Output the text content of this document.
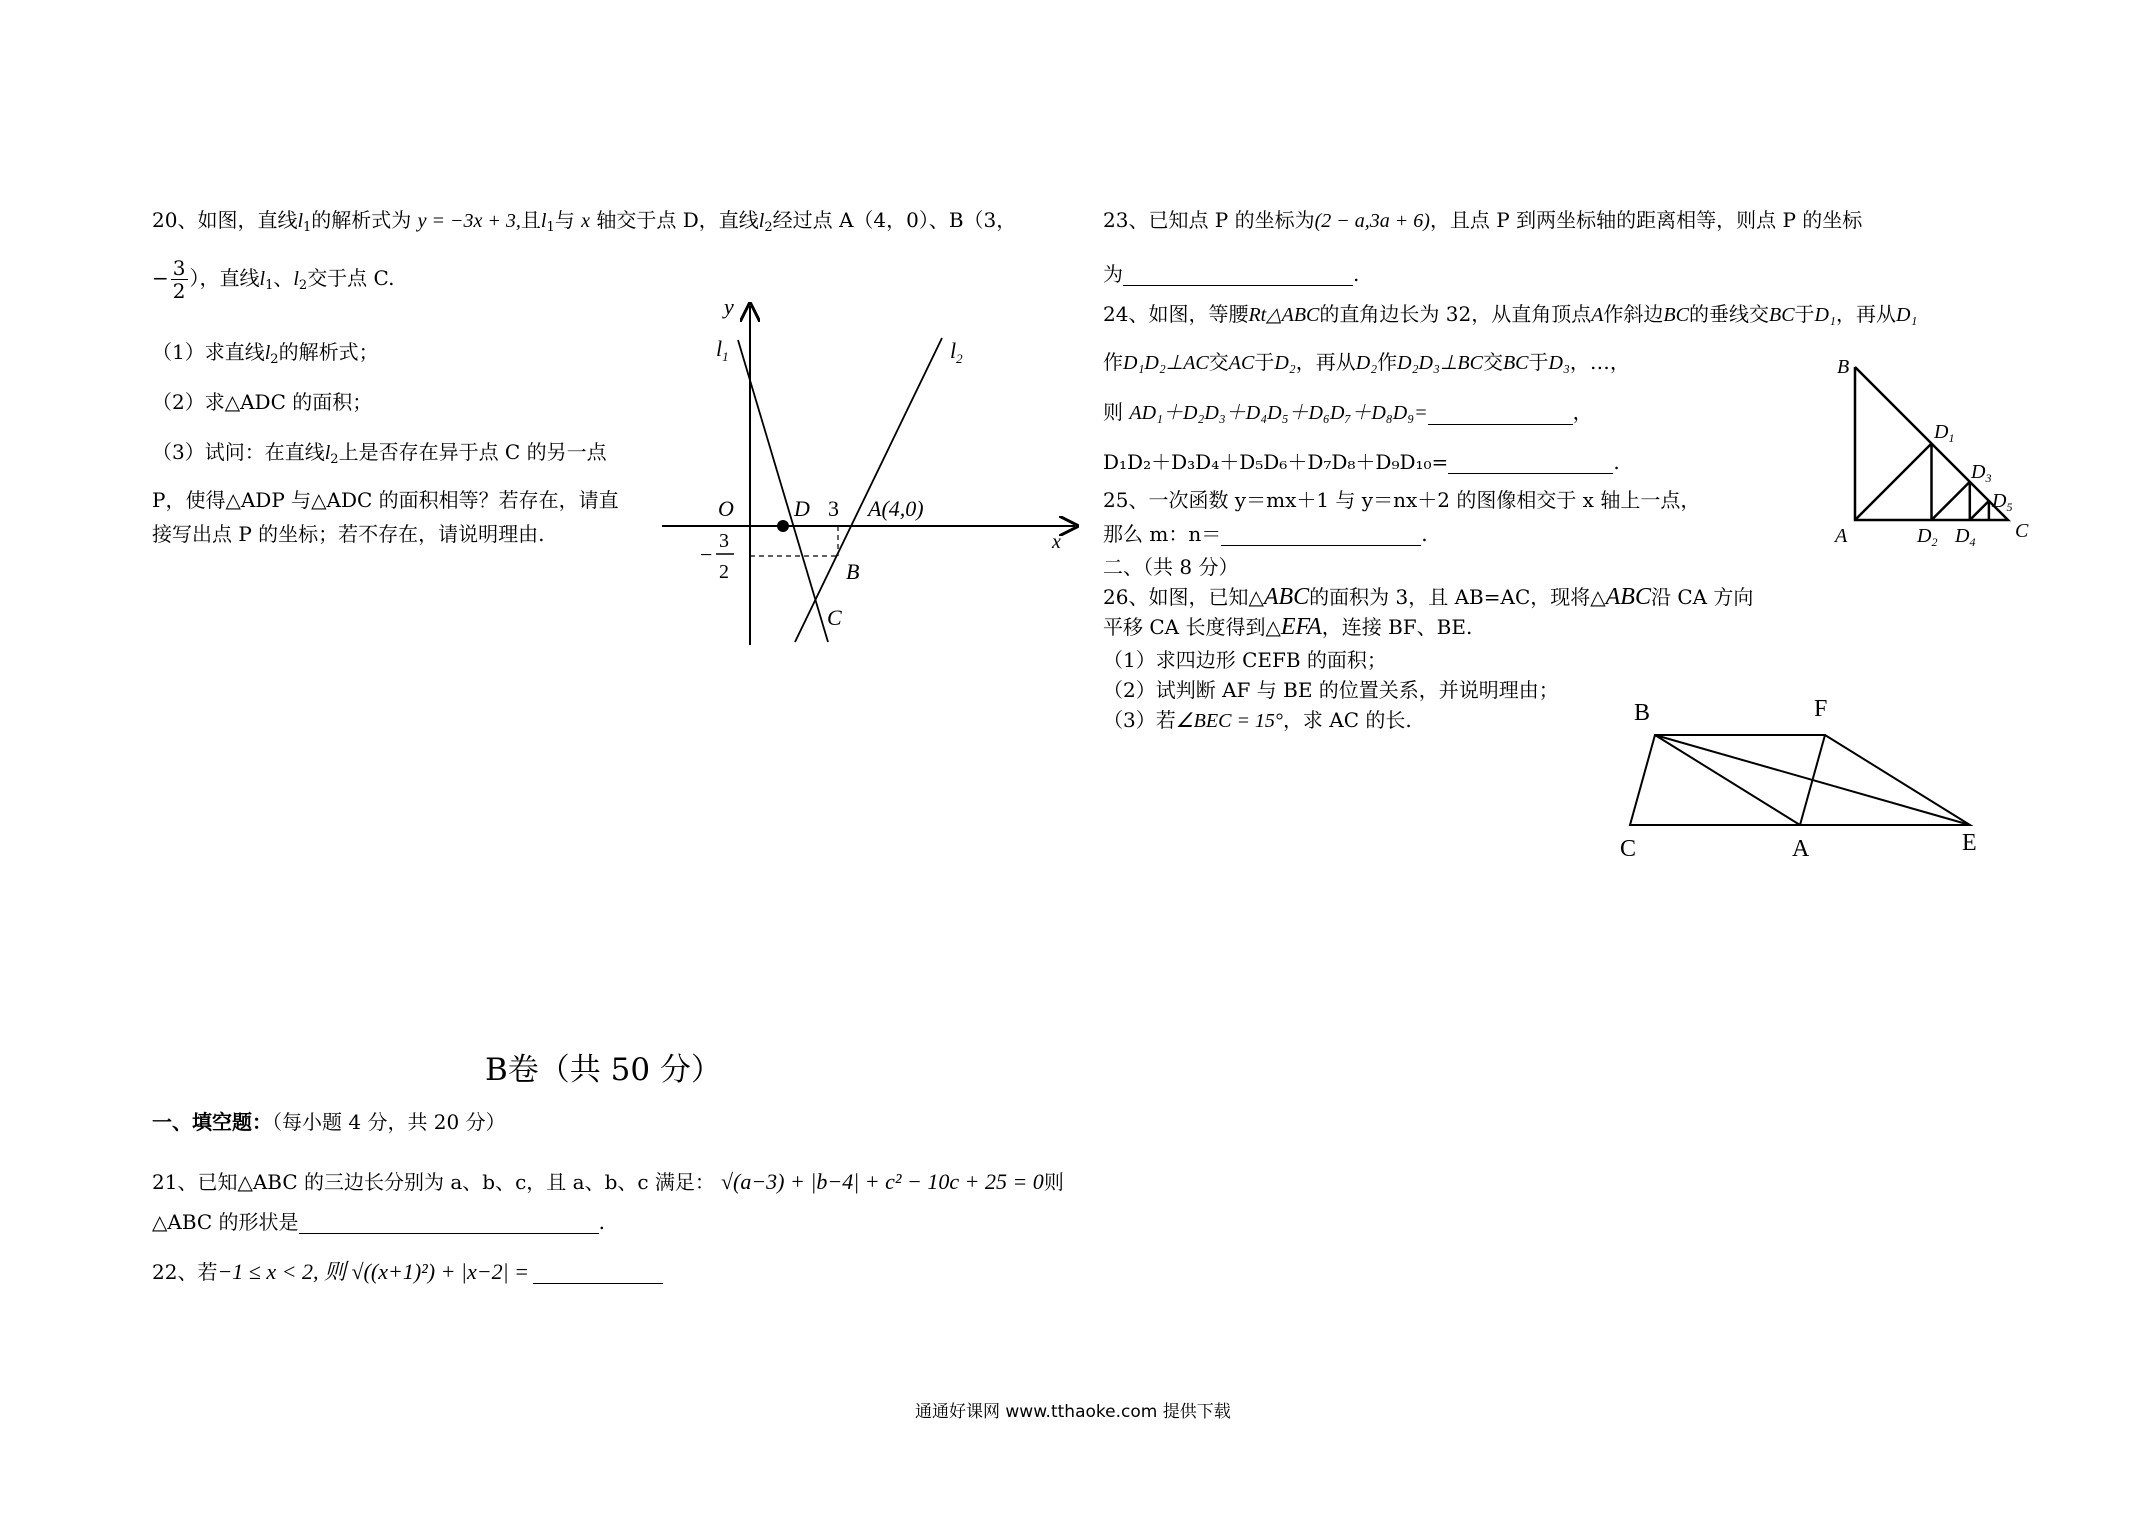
20、如图，直线$l_1$的解析式为 y = −3x + 3,且$l_1$与 x 轴交于点 D，直线$l_2$经过点 A（4，0）、B（3，
− $\frac{3}{2}$ ），直线$l_1$、$l_2$交于点 C.
（1）求直线$l_2$的解析式；
（2）求△ADC 的面积；
（3）试问：在直线$l_2$上是否存在异于点 C 的另一点
P，使得△ADP 与△ADC 的面积相等？若存在，请直
接写出点 P 的坐标；若不存在，请说明理由.
y
x
$l_1$	$l_2$
O	D 3 A(4,0)
B
C
−
3
2
B卷（共 50 分）
一、填空题：（每小题 4 分，共 20 分）
21、已知△ABC 的三边长分别为 a、b、c，且 a、b、c 满足： √(a−3) + |b−4| + c² − 10c + 25 = 0则
△ABC 的形状是	.
22、若−1 ≤ x < 2, 则 √((x+1)²) + |x−2| =
23、已知点 P 的坐标为(2 − a,3a + 6)，且点 P 到两坐标轴的距离相等，则点 P 的坐标
为	.
24、如图，等腰Rt△ABC的直角边长为 32，从直角顶点A作斜边BC的垂线交BC于D₁，再从D₁
作D₁D₂⊥AC交AC于D₂，再从D₂作D₂D₃⊥BC交BC于D₃，…，
则 AD₁＋D₂D₃＋D₄D₅＋D₆D₇＋D₈D₉=	，
D₁D₂＋D₃D₄＋D₅D₆＋D₇D₈＋D₉D₁₀=	.
B
A	C
$D_1$
$D_2$
$D_3$
$D_4$
$D_5$
25、一次函数 y＝mx＋1 与 y＝nx＋2 的图像相交于 x 轴上一点，
那么 m：n＝	.
二、（共 8 分）
26、如图，已知△ABC的面积为 3，且 AB=AC，现将△ABC沿 CA 方向
平移 CA 长度得到△EFA，连接 BF、BE.
（1）求四边形 CEFB 的面积；
（2）试判断 AF 与 BE 的位置关系，并说明理由；
（3）若∠BEC = 15°，求 AC 的长.	B	F
C	A	E
通通好课网 www.tthaoke.com 提供下载
